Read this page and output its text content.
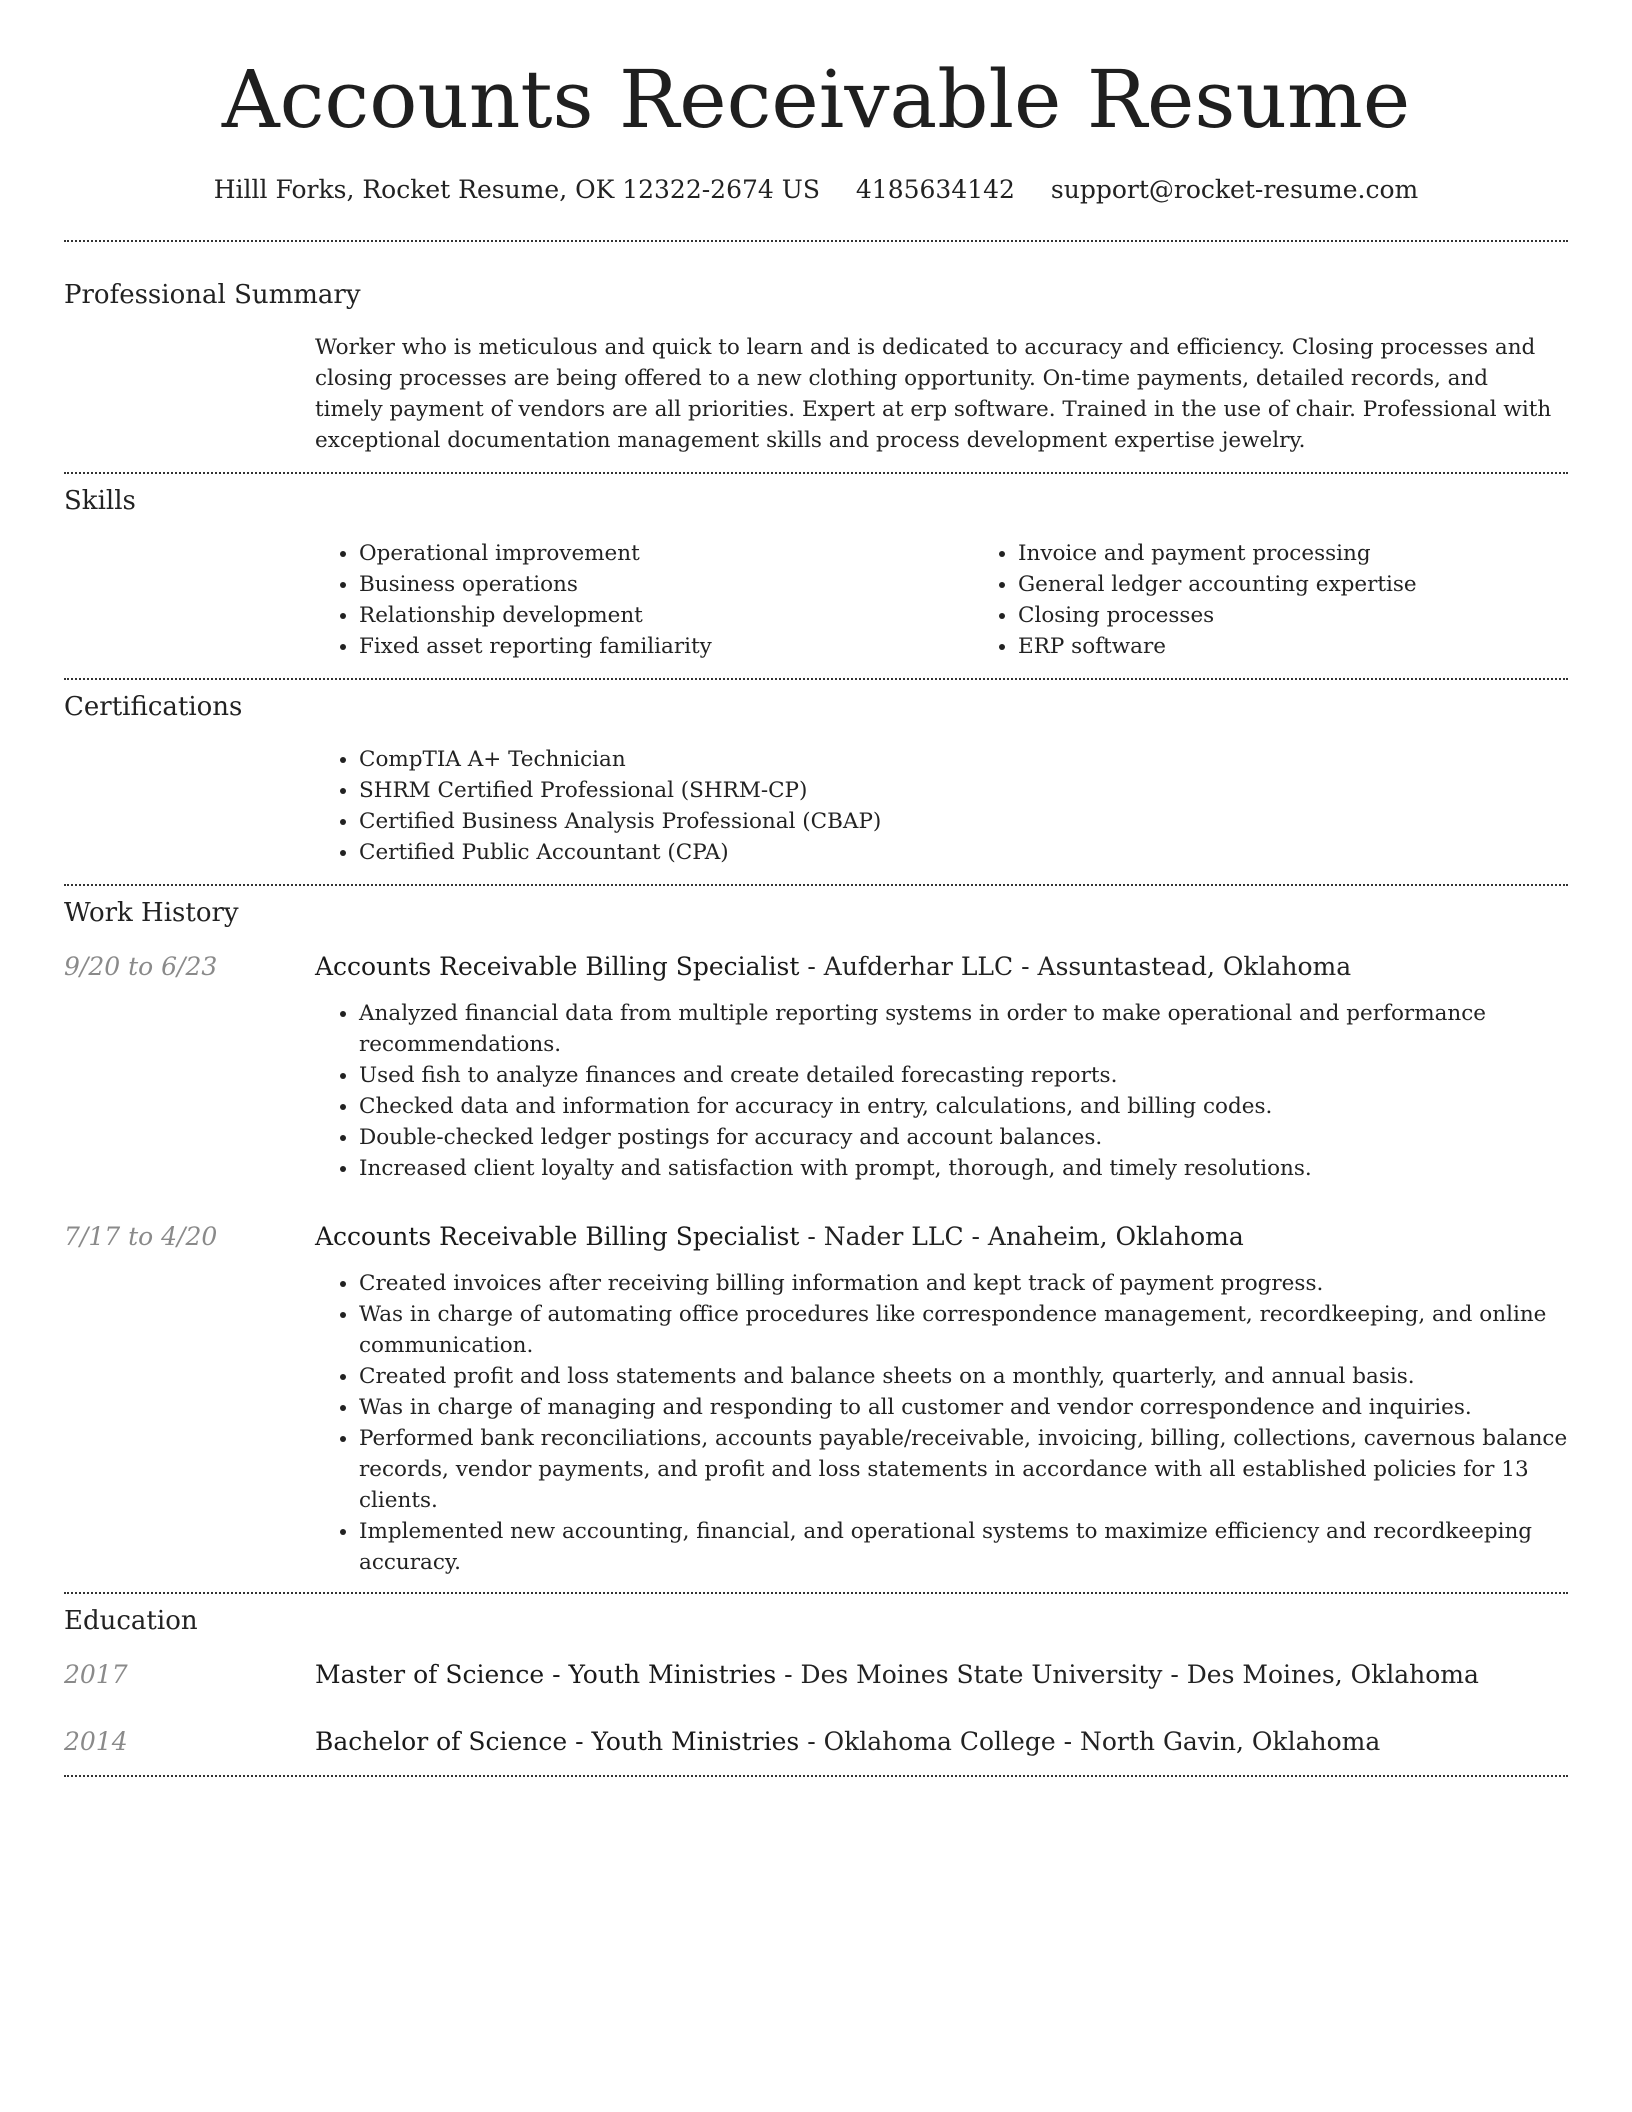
Accounts Receivable Resume
Hilll Forks, Rocket Resume, OK 12322-2674 US 4185634142 support@rocket-resume.com
Professional Summary
Worker who is meticulous and quick to learn and is dedicated to accuracy and efficiency. Closing processes and closing processes are being offered to a new clothing opportunity. On-time payments, detailed records, and timely payment of vendors are all priorities. Expert at erp software. Trained in the use of chair. Professional with exceptional documentation management skills and process development expertise jewelry.
Skills
• Operational improvement
• Business operations
• Relationship development
• Fixed asset reporting familiarity
• Invoice and payment processing
• General ledger accounting expertise
• Closing processes
• ERP software
Certifications
• CompTIA A+ Technician
• SHRM Certified Professional (SHRM-CP)
• Certified Business Analysis Professional (CBAP)
• Certified Public Accountant (CPA)
Work History
9/20 to 6/23	Accounts Receivable Billing Specialist - Aufderhar LLC - Assuntastead, Oklahoma
• Analyzed financial data from multiple reporting systems in order to make operational and performance recommendations.
• Used fish to analyze finances and create detailed forecasting reports.
• Checked data and information for accuracy in entry, calculations, and billing codes.
• Double-checked ledger postings for accuracy and account balances.
• Increased client loyalty and satisfaction with prompt, thorough, and timely resolutions.
7/17 to 4/20	Accounts Receivable Billing Specialist - Nader LLC - Anaheim, Oklahoma
• Created invoices after receiving billing information and kept track of payment progress.
• Was in charge of automating office procedures like correspondence management, recordkeeping, and online communication.
• Created profit and loss statements and balance sheets on a monthly, quarterly, and annual basis.
• Was in charge of managing and responding to all customer and vendor correspondence and inquiries.
• Performed bank reconciliations, accounts payable/receivable, invoicing, billing, collections, cavernous balance records, vendor payments, and profit and loss statements in accordance with all established policies for 13 clients.
• Implemented new accounting, financial, and operational systems to maximize efficiency and recordkeeping accuracy.
Education
2017	Master of Science - Youth Ministries - Des Moines State University - Des Moines, Oklahoma
2014	Bachelor of Science - Youth Ministries - Oklahoma College - North Gavin, Oklahoma
